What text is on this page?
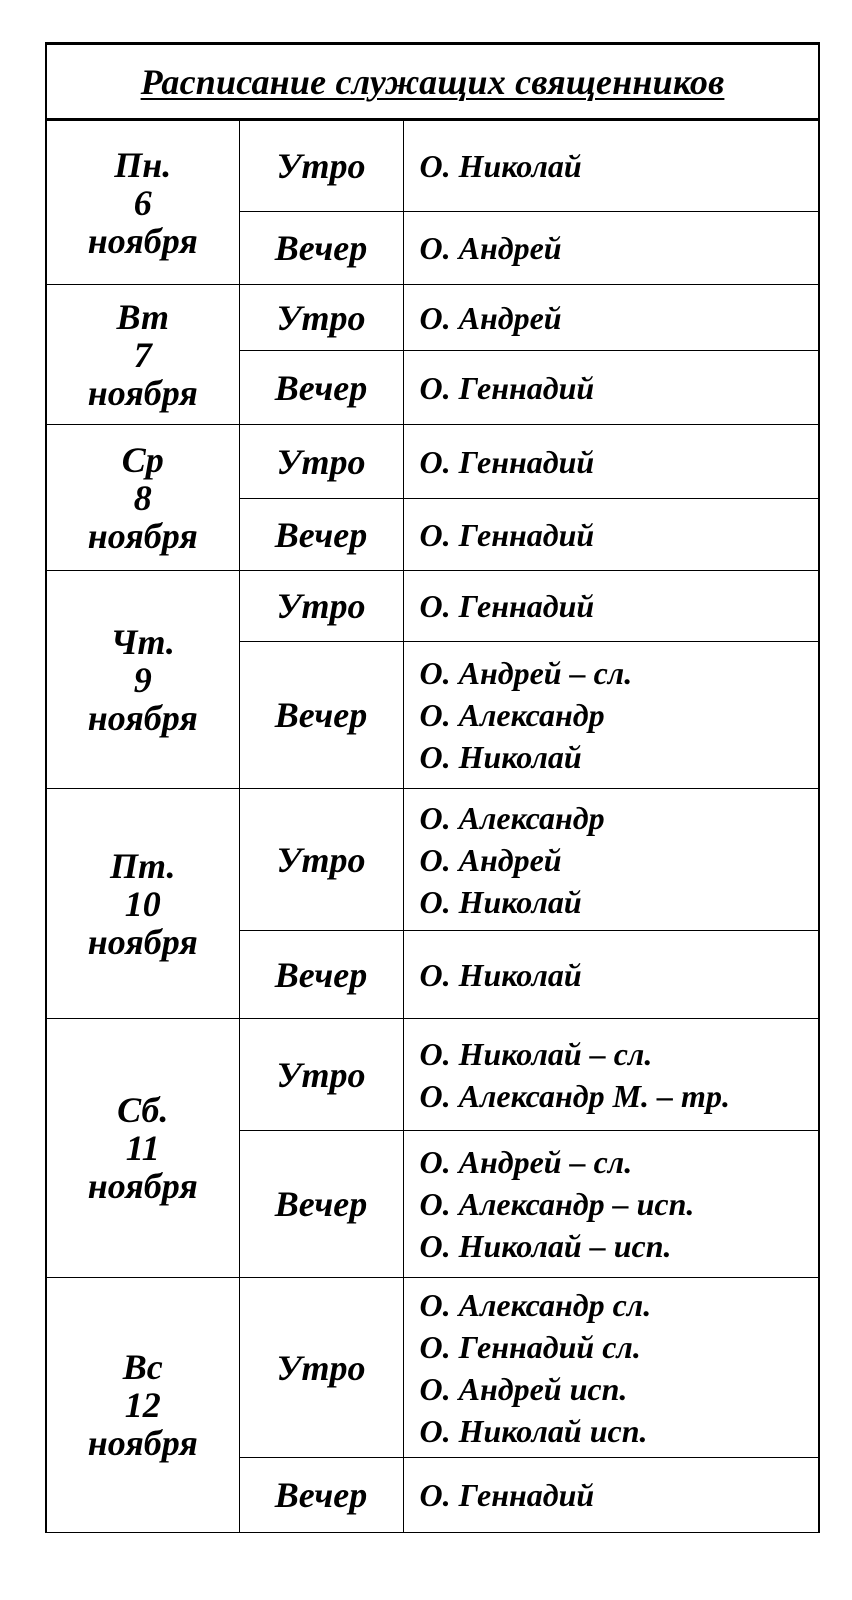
Расписание служащих священников		

Пн.
6
ноября	Утро	О. Николай

	Вечер	О. Андрей

Вт
7
ноября	Утро	О. Андрей

	Вечер	О. Геннадий

Ср
8
ноября	Утро	О. Геннадий

	Вечер	О. Геннадий

Чт.
9
ноября	Утро	О. Геннадий

	Вечер	О. Андрей – сл.
О. Александр
О. Николай

Пт.
10
ноября	Утро	О. Александр
О. Андрей
О. Николай

	Вечер	О. Николай

Сб.
11
ноября	Утро	О. Николай – сл.
О. Александр М. – тр.

	Вечер	О. Андрей – сл.
О. Александр – исп.
О. Николай – исп.

Вс
12
ноября	Утро	О. Александр сл.
О. Геннадий сл.
О. Андрей исп.
О. Николай исп.

	Вечер	О. Геннадий
